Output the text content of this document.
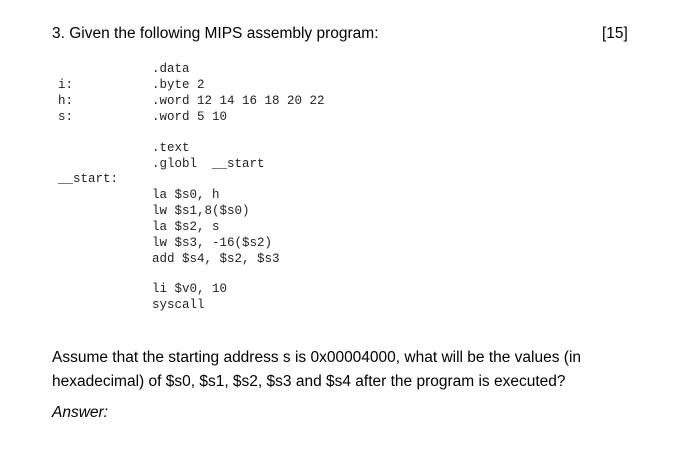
3. Given the following MIPS assembly program:	[15]
.data
i:	.byte 2
h:	.word 12 14 16 18 20 22
s:	.word 5 10
.text
.globl  __start
__start:
la $s0, h
lw $s1,8($s0)
la $s2, s
lw $s3, -16($s2)
add $s4, $s2, $s3
li $v0, 10
syscall
Assume that the starting address s is 0x00004000, what will be the values (in
hexadecimal) of $s0, $s1, $s2, $s3 and $s4 after the program is executed?
Answer:
